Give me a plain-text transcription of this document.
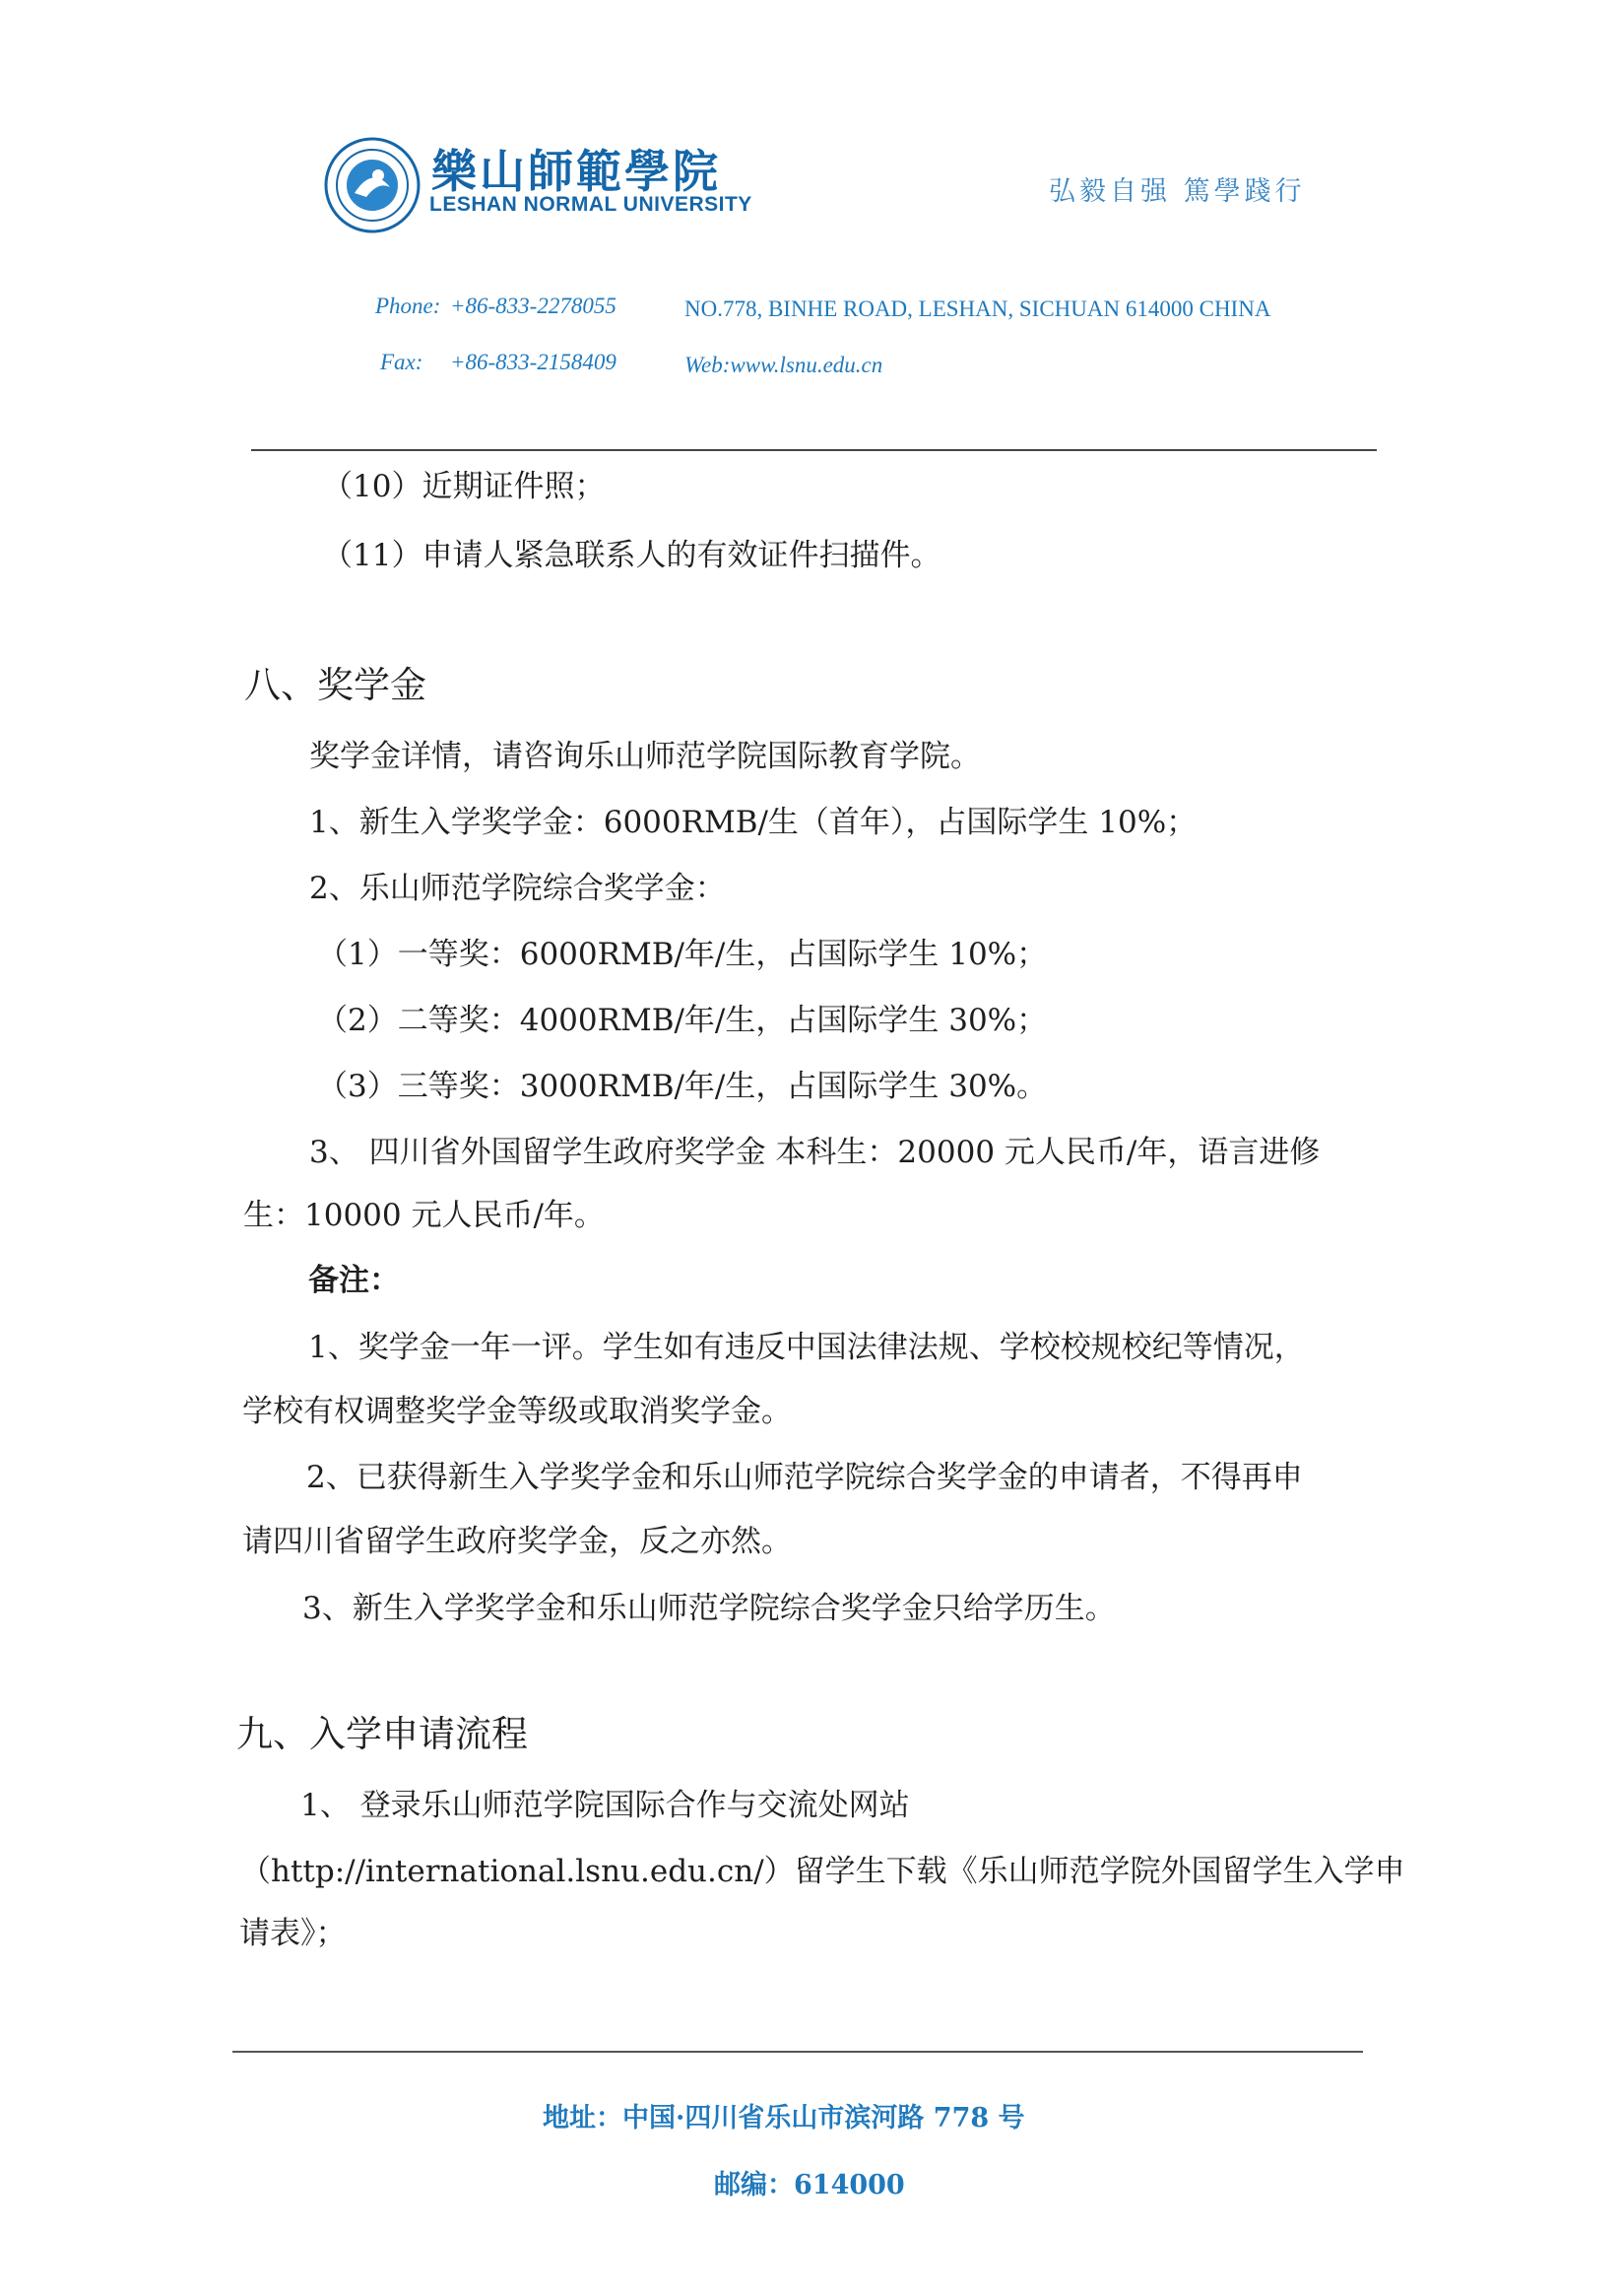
樂山師範學院
LESHAN NORMAL UNIVERSITY	弘毅自强 篤學踐行
Phone: +86-833-2278055
Fax: +86-833-2158409
NO.778, BINHE ROAD, LESHAN, SICHUAN 614000 CHINA
Web:www.lsnu.edu.cn
（10）近期证件照；
（11）申请人紧急联系人的有效证件扫描件。
八、奖学金
奖学金详情，请咨询乐山师范学院国际教育学院。
1、新生入学奖学金：6000RMB/生（首年），占国际学生 10%；
2、乐山师范学院综合奖学金：
（1）一等奖：6000RMB/年/生，占国际学生 10%；
（2）二等奖：4000RMB/年/生，占国际学生 30%；
（3）三等奖：3000RMB/年/生，占国际学生 30%。
3、 四川省外国留学生政府奖学金 本科生：20000 元人民币/年，语言进修
生：10000 元人民币/年。
备注：
1、奖学金一年一评。学生如有违反中国法律法规、学校校规校纪等情况，
学校有权调整奖学金等级或取消奖学金。
2、已获得新生入学奖学金和乐山师范学院综合奖学金的申请者，不得再申
请四川省留学生政府奖学金，反之亦然。
3、新生入学奖学金和乐山师范学院综合奖学金只给学历生。
九、入学申请流程
1、 登录乐山师范学院国际合作与交流处网站
（http://international.lsnu.edu.cn/）留学生下载《乐山师范学院外国留学生入学申
请表》；
地址：中国·四川省乐山市滨河路 778 号
邮编：614000
